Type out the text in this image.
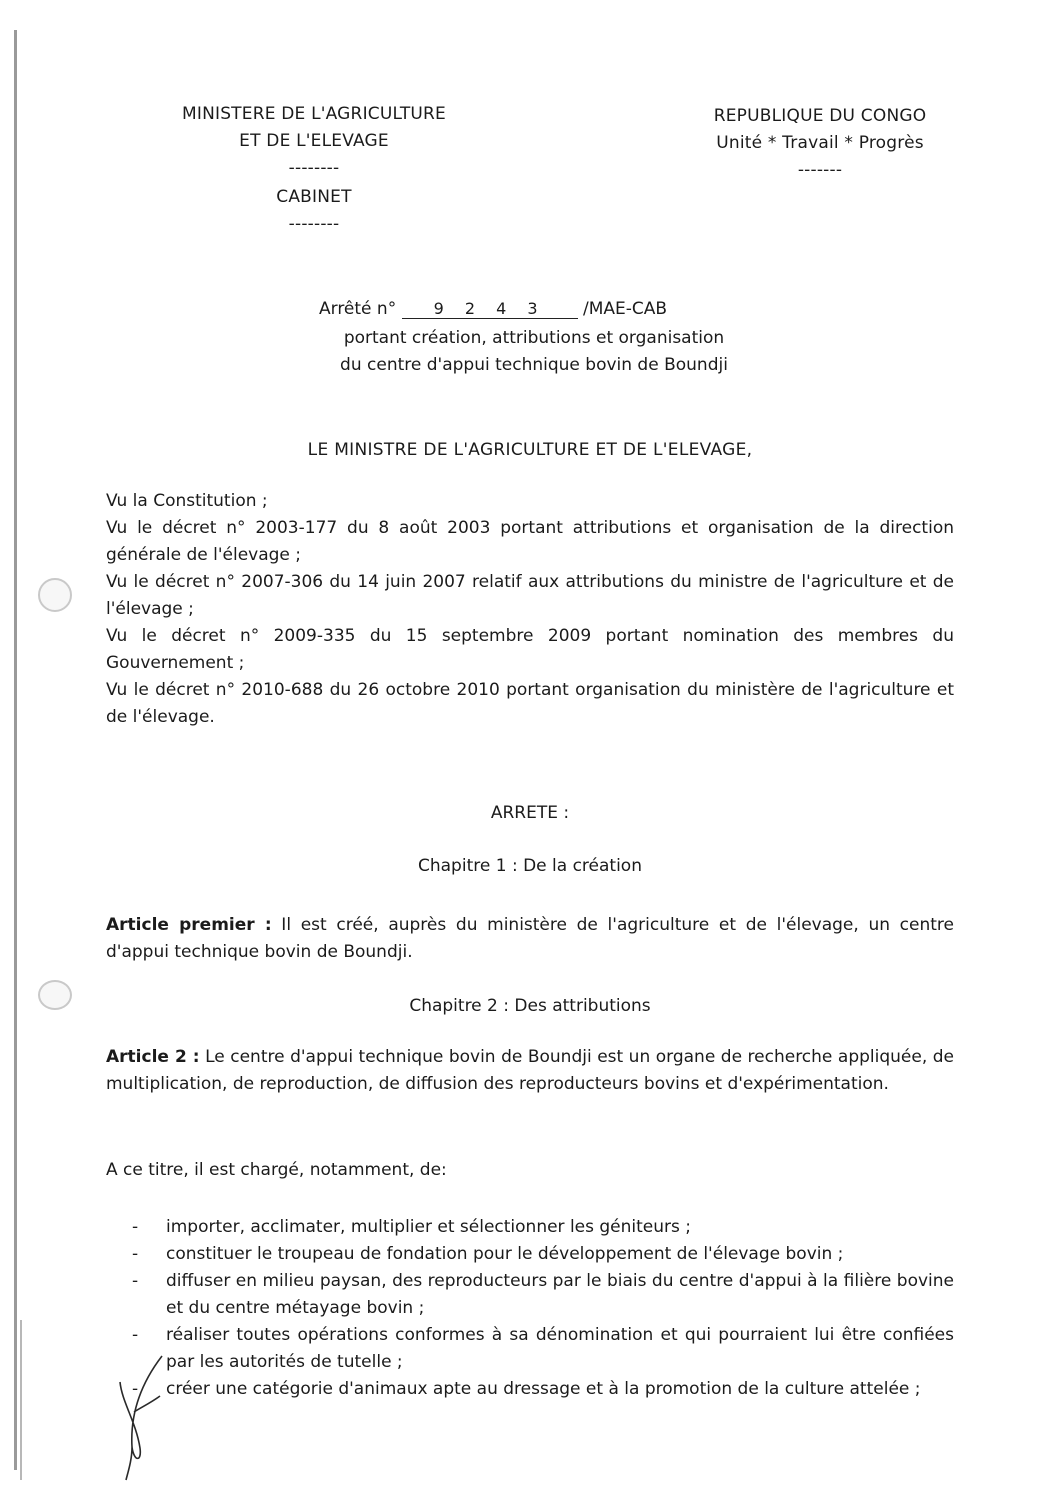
MINISTERE DE L'AGRICULTURE
ET DE L'ELEVAGE
--------
CABINET
--------
REPUBLIQUE DU CONGO
Unité * Travail * Progrès
-------
Arrêté n° 9 2 4 3 /MAE-CAB
portant création, attributions et organisation
du centre d'appui technique bovin de Boundji
LE MINISTRE DE L'AGRICULTURE ET DE L'ELEVAGE,
Vu la Constitution ;
Vu le décret n° 2003-177 du 8 août 2003 portant attributions et organisation de la direction générale de l'élevage ;
Vu le décret n° 2007-306 du 14 juin 2007 relatif aux attributions du ministre de l'agriculture et de l'élevage ;
Vu le décret n° 2009-335 du 15 septembre 2009 portant nomination des membres du Gouvernement ;
Vu le décret n° 2010-688 du 26 octobre 2010 portant organisation du ministère de l'agriculture et de l'élevage.
ARRETE :
Chapitre 1 : De la création
Article premier : Il est créé, auprès du ministère de l'agriculture et de l'élevage, un centre d'appui technique bovin de Boundji.
Chapitre 2 : Des attributions
Article 2 : Le centre d'appui technique bovin de Boundji est un organe de recherche appliquée, de multiplication, de reproduction, de diffusion des reproducteurs bovins et d'expérimentation.
A ce titre, il est chargé, notamment, de:
- importer, acclimater, multiplier et sélectionner les géniteurs ;
- constituer le troupeau de fondation pour le développement de l'élevage bovin ;
- diffuser en milieu paysan, des reproducteurs par le biais du centre d'appui à la filière bovine et du centre métayage bovin ;
- réaliser toutes opérations conformes à sa dénomination et qui pourraient lui être confiées par les autorités de tutelle ;
- créer une catégorie d'animaux apte au dressage et à la promotion de la culture attelée ;
